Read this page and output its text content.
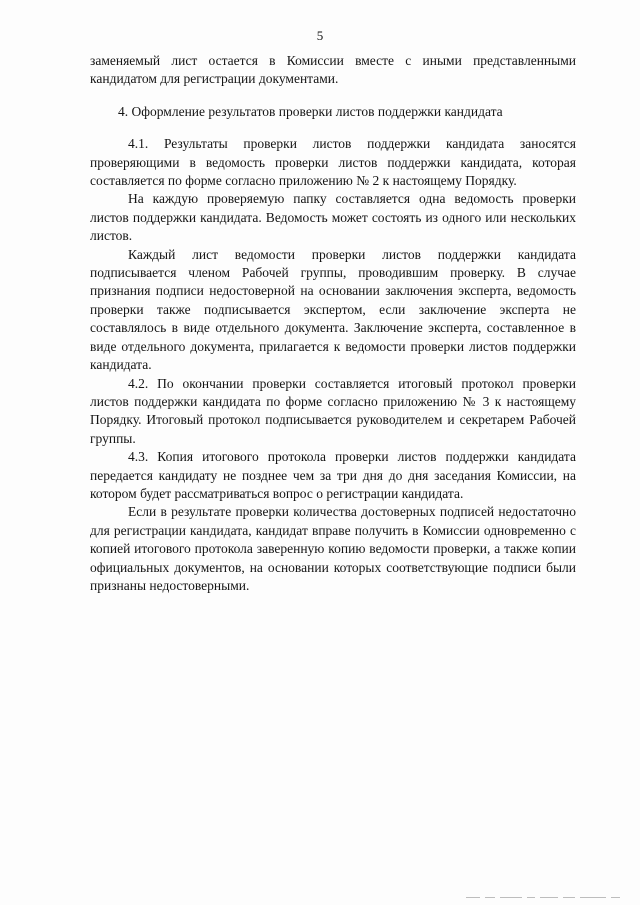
5

заменяемый лист остается в Комиссии вместе с иными представленными кандидатом для регистрации документами.

4. Оформление результатов проверки листов поддержки кандидата

4.1. Результаты проверки листов поддержки кандидата заносятся проверяющими в ведомость проверки листов поддержки кандидата, которая составляется по форме согласно приложению № 2 к настоящему Порядку.

На каждую проверяемую папку составляется одна ведомость проверки листов поддержки кандидата. Ведомость может состоять из одного или нескольких листов.

Каждый лист ведомости проверки листов поддержки кандидата подписывается членом Рабочей группы, проводившим проверку. В случае признания подписи недостоверной на основании заключения эксперта, ведомость проверки также подписывается экспертом, если заключение эксперта не составлялось в виде отдельного документа. Заключение эксперта, составленное в виде отдельного документа, прилагается к ведомости проверки листов поддержки кандидата.

4.2. По окончании проверки составляется итоговый протокол проверки листов поддержки кандидата по форме согласно приложению № 3 к настоящему Порядку. Итоговый протокол подписывается руководителем и секретарем Рабочей группы.

4.3. Копия итогового протокола проверки листов поддержки кандидата передается кандидату не позднее чем за три дня до дня заседания Комиссии, на котором будет рассматриваться вопрос о регистрации кандидата.

Если в результате проверки количества достоверных подписей недостаточно для регистрации кандидата, кандидат вправе получить в Комиссии одновременно с копией итогового протокола заверенную копию ведомости проверки, а также копии официальных документов, на основании которых соответствующие подписи были признаны недостоверными.
